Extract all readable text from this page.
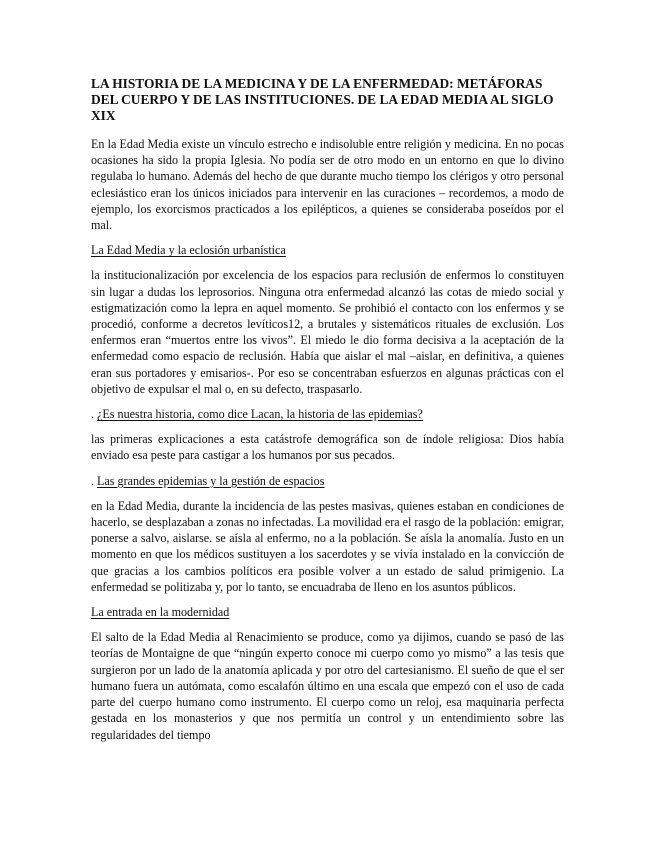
LA HISTORIA DE LA MEDICINA Y DE LA ENFERMEDAD: METÁFORAS DEL CUERPO Y DE LAS INSTITUCIONES. DE LA EDAD MEDIA AL SIGLO XIX
En la Edad Media existe un vínculo estrecho e indisoluble entre religión y medicina. En no pocas ocasiones ha sido la propia Iglesia. No podía ser de otro modo en un entorno en que lo divino regulaba lo humano. Además del hecho de que durante mucho tiempo los clérigos y otro personal eclesiástico eran los únicos iniciados para intervenir en las curaciones – recordemos, a modo de ejemplo, los exorcismos practicados a los epilépticos, a quienes se consideraba poseídos por el mal.
La Edad Media y la eclosión urbanística
la institucionalización por excelencia de los espacios para reclusión de enfermos lo constituyen sin lugar a dudas los leprosorios. Ninguna otra enfermedad alcanzó las cotas de miedo social y estigmatización como la lepra en aquel momento. Se prohibió el contacto con los enfermos y se procedió, conforme a decretos levíticos12, a brutales y sistemáticos rituales de exclusión. Los enfermos eran “muertos entre los vivos”. El miedo le dio forma decisiva a la aceptación de la enfermedad como espacio de reclusión. Había que aislar el mal –aislar, en definitiva, a quienes eran sus portadores y emisarios-. Por eso se concentraban esfuerzos en algunas prácticas con el objetivo de expulsar el mal o, en su defecto, traspasarlo.
. ¿Es nuestra historia, como dice Lacan, la historia de las epidemias?
las primeras explicaciones a esta catástrofe demográfica son de índole religiosa: Dios había enviado esa peste para castigar a los humanos por sus pecados.
. Las grandes epidemias y la gestión de espacios
en la Edad Media, durante la incidencia de las pestes masivas, quienes estaban en condiciones de hacerlo, se desplazaban a zonas no infectadas. La movilidad era el rasgo de la población: emigrar, ponerse a salvo, aislarse. se aísla al enfermo, no a la población. Se aísla la anomalía. Justo en un momento en que los médicos sustituyen a los sacerdotes y se vivía instalado en la convicción de que gracias a los cambios políticos era posible volver a un estado de salud primigenio. La enfermedad se politizaba y, por lo tanto, se encuadraba de lleno en los asuntos públicos.
La entrada en la modernidad
El salto de la Edad Media al Renacimiento se produce, como ya dijimos, cuando se pasó de las teorías de Montaigne de que “ningún experto conoce mi cuerpo como yo mismo” a las tesis que surgieron por un lado de la anatomía aplicada y por otro del cartesianismo. El sueño de que el ser humano fuera un autómata, como escalafón último en una escala que empezó con el uso de cada parte del cuerpo humano como instrumento. El cuerpo como un reloj, esa maquinaria perfecta gestada en los monasterios y que nos permitía un control y un entendimiento sobre las regularidades del tiempo
